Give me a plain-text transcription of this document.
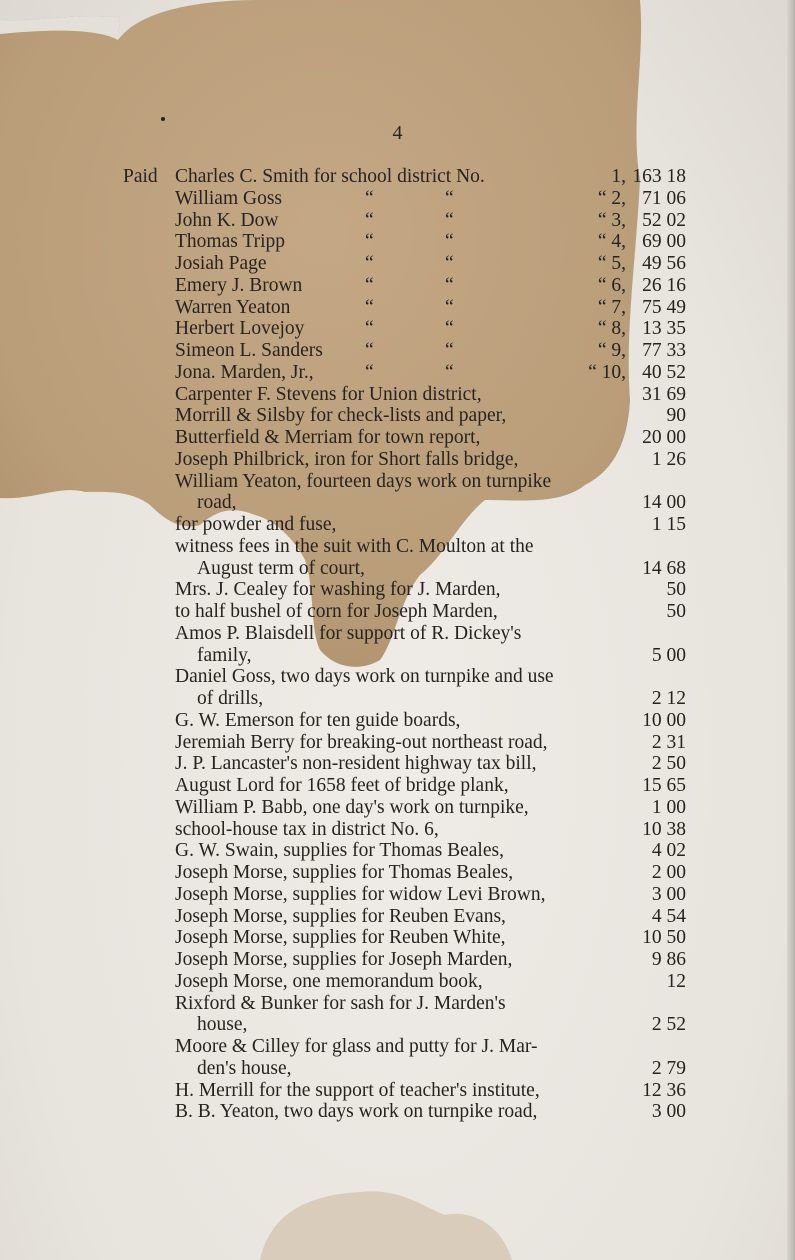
4
Paid Charles C. Smith for school district No.	1, 163 18
William Goss	“	“	“ 2, 71 06
John K. Dow	“	“	“ 3, 52 02
Thomas Tripp	“	“	“ 4, 69 00
Josiah Page	“	“	“ 5, 49 56
Emery J. Brown	“	“	“ 6, 26 16
Warren Yeaton	“	“	“ 7, 75 49
Herbert Lovejoy	“	“	“ 8, 13 35
Simeon L. Sanders	“	“	“ 9, 77 33
Jona. Marden, Jr.,	“	“	“ 10, 40 52
Carpenter F. Stevens for Union district,	31 69
Morrill & Silsby for check-lists and paper,	90
Butterfield & Merriam for town report,	20 00
Joseph Philbrick, iron for Short falls bridge,	1 26
William Yeaton, fourteen days work on turnpike
road,	14 00
for powder and fuse,	1 15
witness fees in the suit with C. Moulton at the
August term of court,	14 68
Mrs. J. Cealey for washing for J. Marden,	50
to half bushel of corn for Joseph Marden,	50
Amos P. Blaisdell for support of R. Dickey's
family,	5 00
Daniel Goss, two days work on turnpike and use
of drills,	2 12
G. W. Emerson for ten guide boards,	10 00
Jeremiah Berry for breaking-out northeast road,	2 31
J. P. Lancaster's non-resident highway tax bill,	2 50
August Lord for 1658 feet of bridge plank,	15 65
William P. Babb, one day's work on turnpike,	1 00
school-house tax in district No. 6,	10 38
G. W. Swain, supplies for Thomas Beales,	4 02
Joseph Morse, supplies for Thomas Beales,	2 00
Joseph Morse, supplies for widow Levi Brown,	3 00
Joseph Morse, supplies for Reuben Evans,	4 54
Joseph Morse, supplies for Reuben White,	10 50
Joseph Morse, supplies for Joseph Marden,	9 86
Joseph Morse, one memorandum book,	12
Rixford & Bunker for sash for J. Marden's
house,	2 52
Moore & Cilley for glass and putty for J. Mar-
den's house,	2 79
H. Merrill for the support of teacher's institute,	12 36
B. B. Yeaton, two days work on turnpike road,	3 00
